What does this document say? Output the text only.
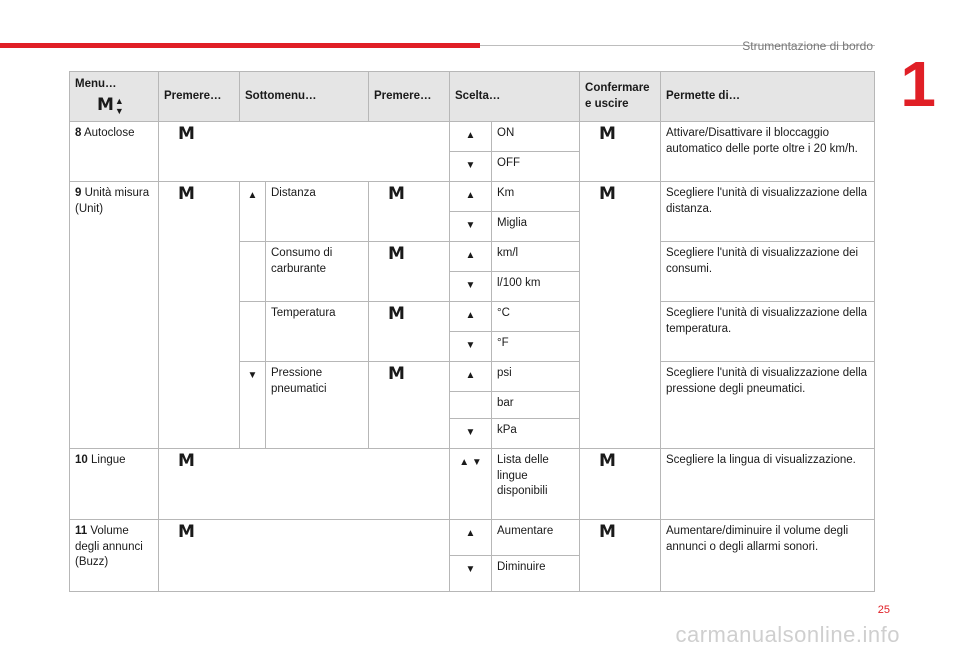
Strumentazione di bordo
1
Menu…
M ▲
▼	Premere…	Sottomenu…		Premere…	Scelta…		Confermare e uscire	Permette di…
8 Autoclose	M				▲	ON	M	Attivare/Disattivare il bloccaggio automatico delle porte oltre i 20 km/h.
					▼	OFF		
9 Unità misura (Unit)	M	▲	Distanza	M	▲	Km	M	Scegliere l'unità di visualizzazione della distanza.
					▼	Miglia		
			Consumo di carburante	M	▲	km/l		Scegliere l'unità di visualizzazione dei consumi.
					▼	l/100 km		
			Temperatura	M	▲	°C		Scegliere l'unità di visualizzazione della temperatura.
					▼	°F		
		▼	Pressione pneumatici	M	▲	psi		Scegliere l'unità di visualizzazione della pressione degli pneumatici.
						bar		
					▼	kPa		
10 Lingue	M				▲ ▼	Lista delle lingue disponibili	M	Scegliere la lingua di visualizzazione.
11 Volume degli annunci (Buzz)	M				▲	Aumentare	M	Aumentare/diminuire il volume degli annunci o degli allarmi sonori.
					▼	Diminuire		
25
carmanualsonline.info
